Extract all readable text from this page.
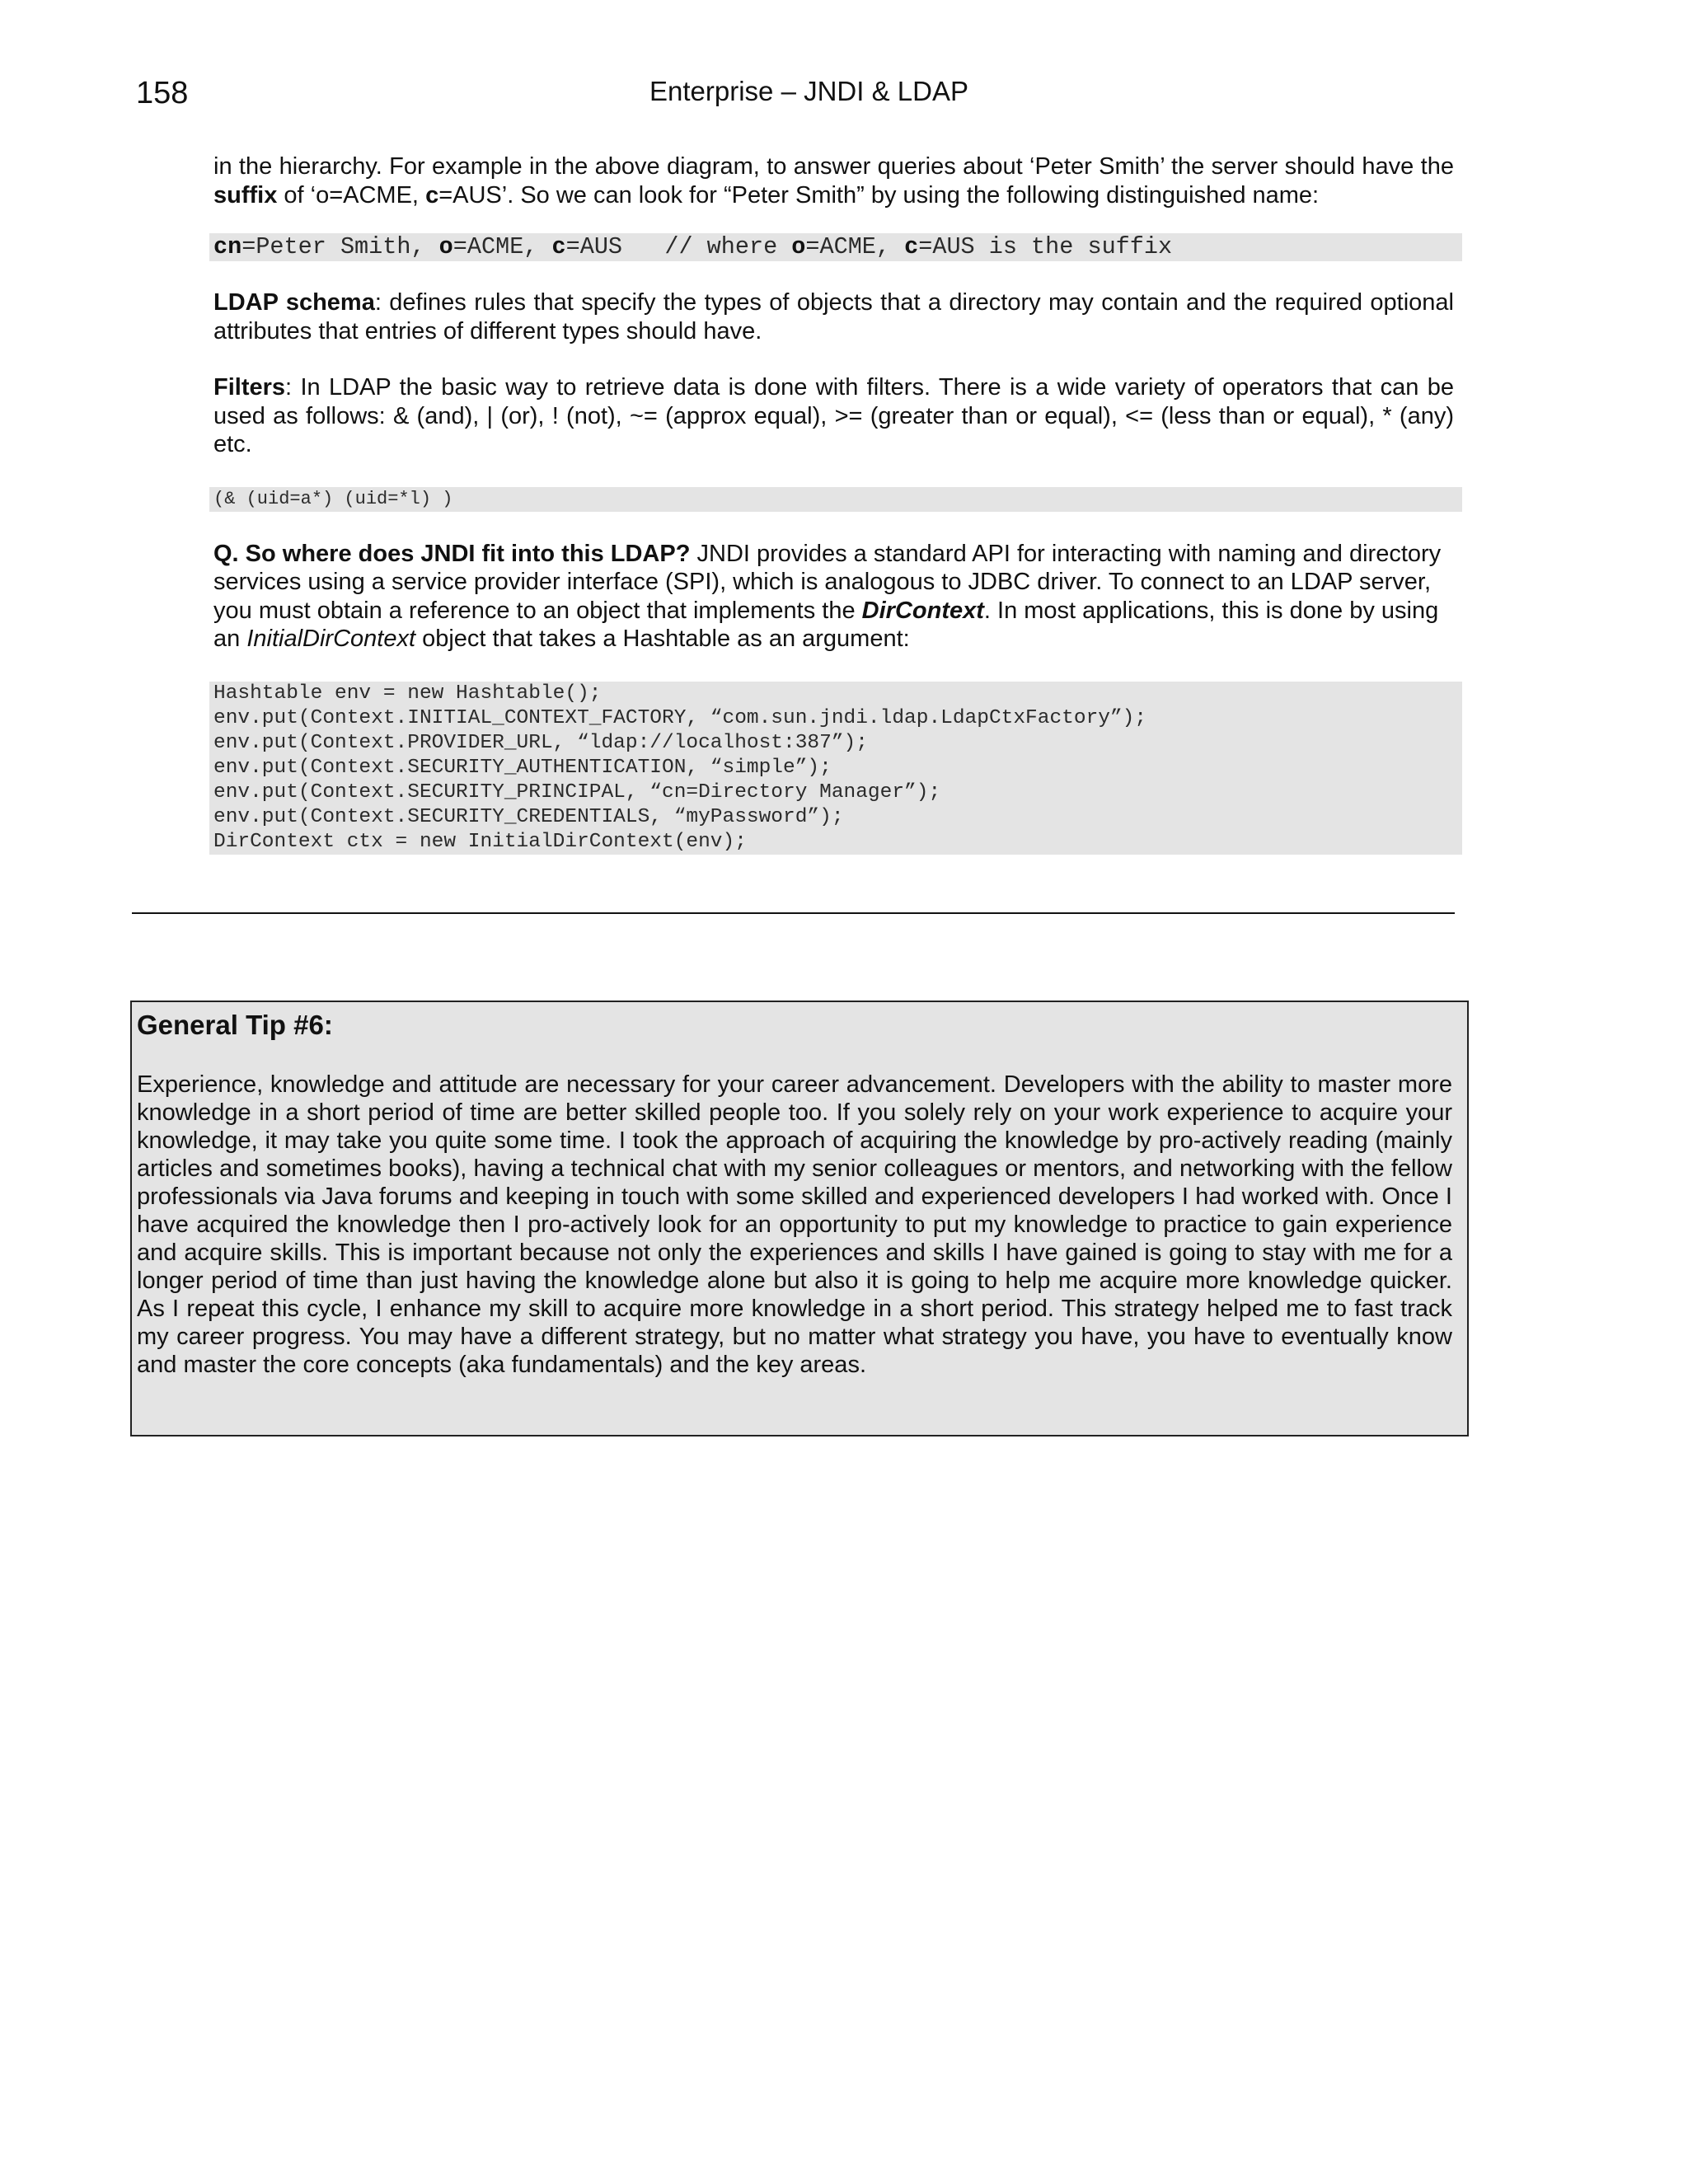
158	Enterprise – JNDI & LDAP

in the hierarchy. For example in the above diagram, to answer queries about ‘Peter Smith’ the server should have the suffix of ‘o=ACME, c=AUS’. So we can look for “Peter Smith” by using the following distinguished name:

cn=Peter Smith, o=ACME, c=AUS   // where o=ACME, c=AUS is the suffix

LDAP schema: defines rules that specify the types of objects that a directory may contain and the required optional attributes that entries of different types should have.

Filters: In LDAP the basic way to retrieve data is done with filters. There is a wide variety of operators that can be used as follows: & (and), | (or), ! (not), ~= (approx equal), >= (greater than or equal), <= (less than or equal), * (any) etc.

(& (uid=a*) (uid=*l) )

Q. So where does JNDI fit into this LDAP? JNDI provides a standard API for interacting with naming and directory services using a service provider interface (SPI), which is analogous to JDBC driver. To connect to an LDAP server, you must obtain a reference to an object that implements the DirContext. In most applications, this is done by using an InitialDirContext object that takes a Hashtable as an argument:

Hashtable env = new Hashtable();
env.put(Context.INITIAL_CONTEXT_FACTORY, “com.sun.jndi.ldap.LdapCtxFactory”);
env.put(Context.PROVIDER_URL, “ldap://localhost:387”);
env.put(Context.SECURITY_AUTHENTICATION, “simple”);
env.put(Context.SECURITY_PRINCIPAL, “cn=Directory Manager”);
env.put(Context.SECURITY_CREDENTIALS, “myPassword”);
DirContext ctx = new InitialDirContext(env);

General Tip #6:

Experience, knowledge and attitude are necessary for your career advancement. Developers with the ability to master more knowledge in a short period of time are better skilled people too. If you solely rely on your work experience to acquire your knowledge, it may take you quite some time. I took the approach of acquiring the knowledge by pro-actively reading (mainly articles and sometimes books), having a technical chat with my senior colleagues or mentors, and networking with the fellow professionals via Java forums and keeping in touch with some skilled and experienced developers I had worked with. Once I have acquired the knowledge then I pro-actively look for an opportunity to put my knowledge to practice to gain experience and acquire skills. This is important because not only the experiences and skills I have gained is going to stay with me for a longer period of time than just having the knowledge alone but also it is going to help me acquire more knowledge quicker. As I repeat this cycle, I enhance my skill to acquire more knowledge in a short period. This strategy helped me to fast track my career progress. You may have a different strategy, but no matter what strategy you have, you have to eventually know and master the core concepts (aka fundamentals) and the key areas.
